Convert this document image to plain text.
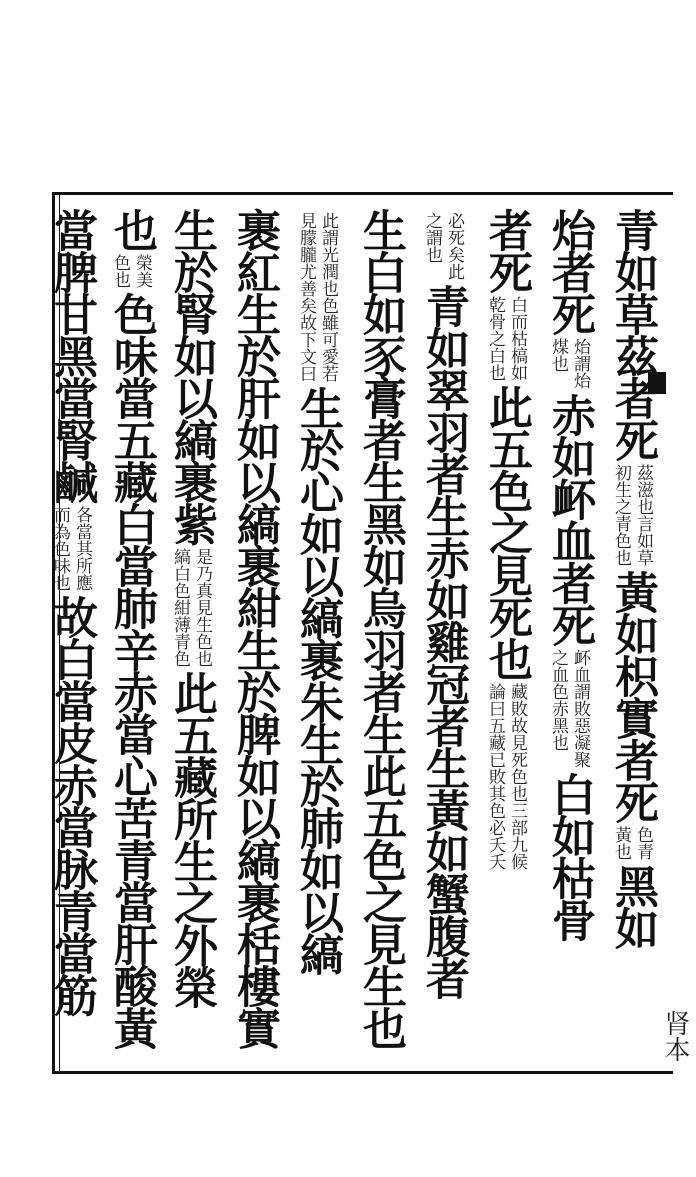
肾本
青如草茲者死
茲滋也言如草
初生之青色也
黃如枳實者死
色青
黃也
黑如
炲者死
炲謂炲
煤也
赤如衃血者死
衃血謂敗惡凝聚
之血色赤黑也
白如枯骨
者死
白而枯槁如
乾骨之白也
此五色之見死也
藏敗故見死色也三部九候
論曰五藏已敗其色必夭夭
必死矣此
之謂也
青如翠羽者生赤如雞冠者生黃如蟹腹者
生白如豕膏者生黑如烏羽者生此五色之見生也
此謂光潤也色雖可愛若
見朦朧尤善矣故下文曰
生於心如以縞裹朱生於肺如以縞
裹紅生於肝如以縞裹紺生於脾如以縞裹栝樓實
生於腎如以縞裹紫
是乃真見生色也
縞白色紺薄青色
此五藏所生之外榮
也
榮美
色也
色味當五藏白當肺辛赤當心苦青當肝酸黃
當脾甘黑當腎鹹
各當其所應
而為色味也
故白當皮赤當脉青當筋
